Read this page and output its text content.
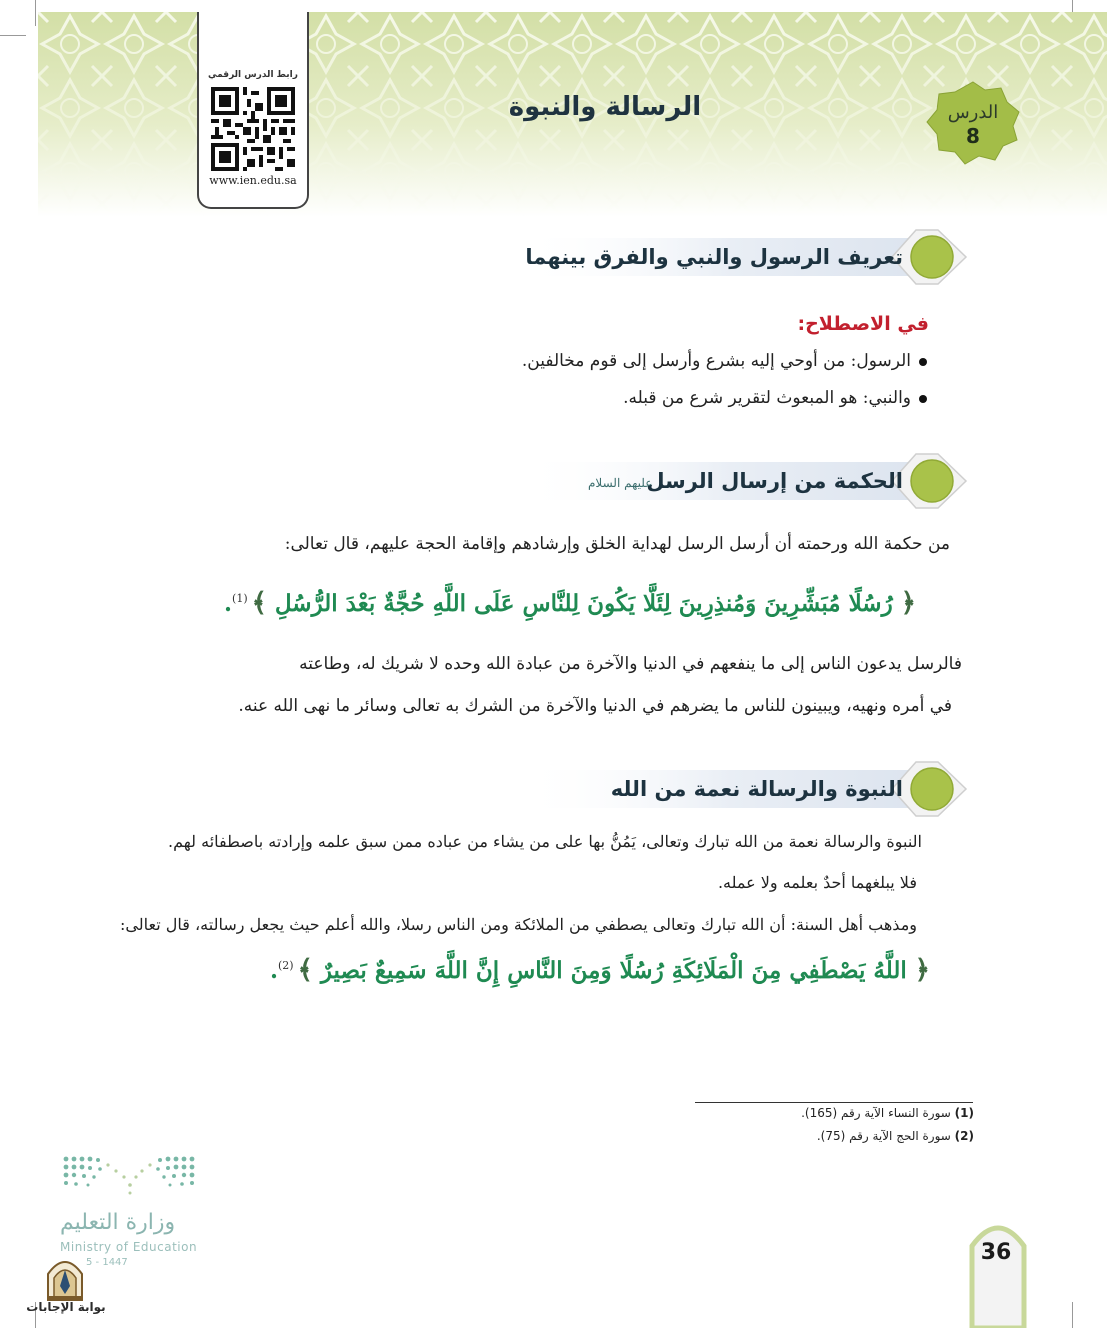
رابط الدرس الرقمي
www.ien.edu.sa
الرسالة والنبوة	الدرس
8
تعريف الرسول والنبي والفرق بينهما
في الاصطلاح:
الرسول: من أوحي إليه بشرع وأرسل إلى قوم مخالفين.
والنبي: هو المبعوث لتقرير شرع من قبله.
الحكمة من إرسال الرسل
عليهم السلام
من حكمة الله ورحمته أن أرسل الرسل لهداية الخلق وإرشادهم وإقامة الحجة عليهم، قال تعالى:
﴿ رُسُلًا مُبَشِّرِينَ وَمُنذِرِينَ لِئَلَّا يَكُونَ لِلنَّاسِ عَلَى اللَّهِ حُجَّةٌ بَعْدَ الرُّسُلِ ﴾$^{(1)}$.
فالرسل يدعون الناس إلى ما ينفعهم في الدنيا والآخرة من عبادة الله وحده لا شريك له، وطاعته
في أمره ونهيه، ويبينون للناس ما يضرهم في الدنيا والآخرة من الشرك به تعالى وسائر ما نهى الله عنه.
النبوة والرسالة نعمة من الله
النبوة والرسالة نعمة من الله تبارك وتعالى، يَمُنُّ بها على من يشاء من عباده ممن سبق علمه وإرادته باصطفائه لهم.
فلا يبلغهما أحدٌ بعلمه ولا عمله.
ومذهب أهل السنة: أن الله تبارك وتعالى يصطفي من الملائكة ومن الناس رسلا، والله أعلم حيث يجعل رسالته، قال تعالى:
﴿ اللَّهُ يَصْطَفِي مِنَ الْمَلَائِكَةِ رُسُلًا وَمِنَ النَّاسِ إِنَّ اللَّهَ سَمِيعٌ بَصِيرٌ ﴾$^{(2)}$.
(1) سورة النساء الآية رقم (165).
(2) سورة الحج الآية رقم (75).
وزارة التعليم
Ministry of Education
5 - 1447
بوابة الإجابات
36
